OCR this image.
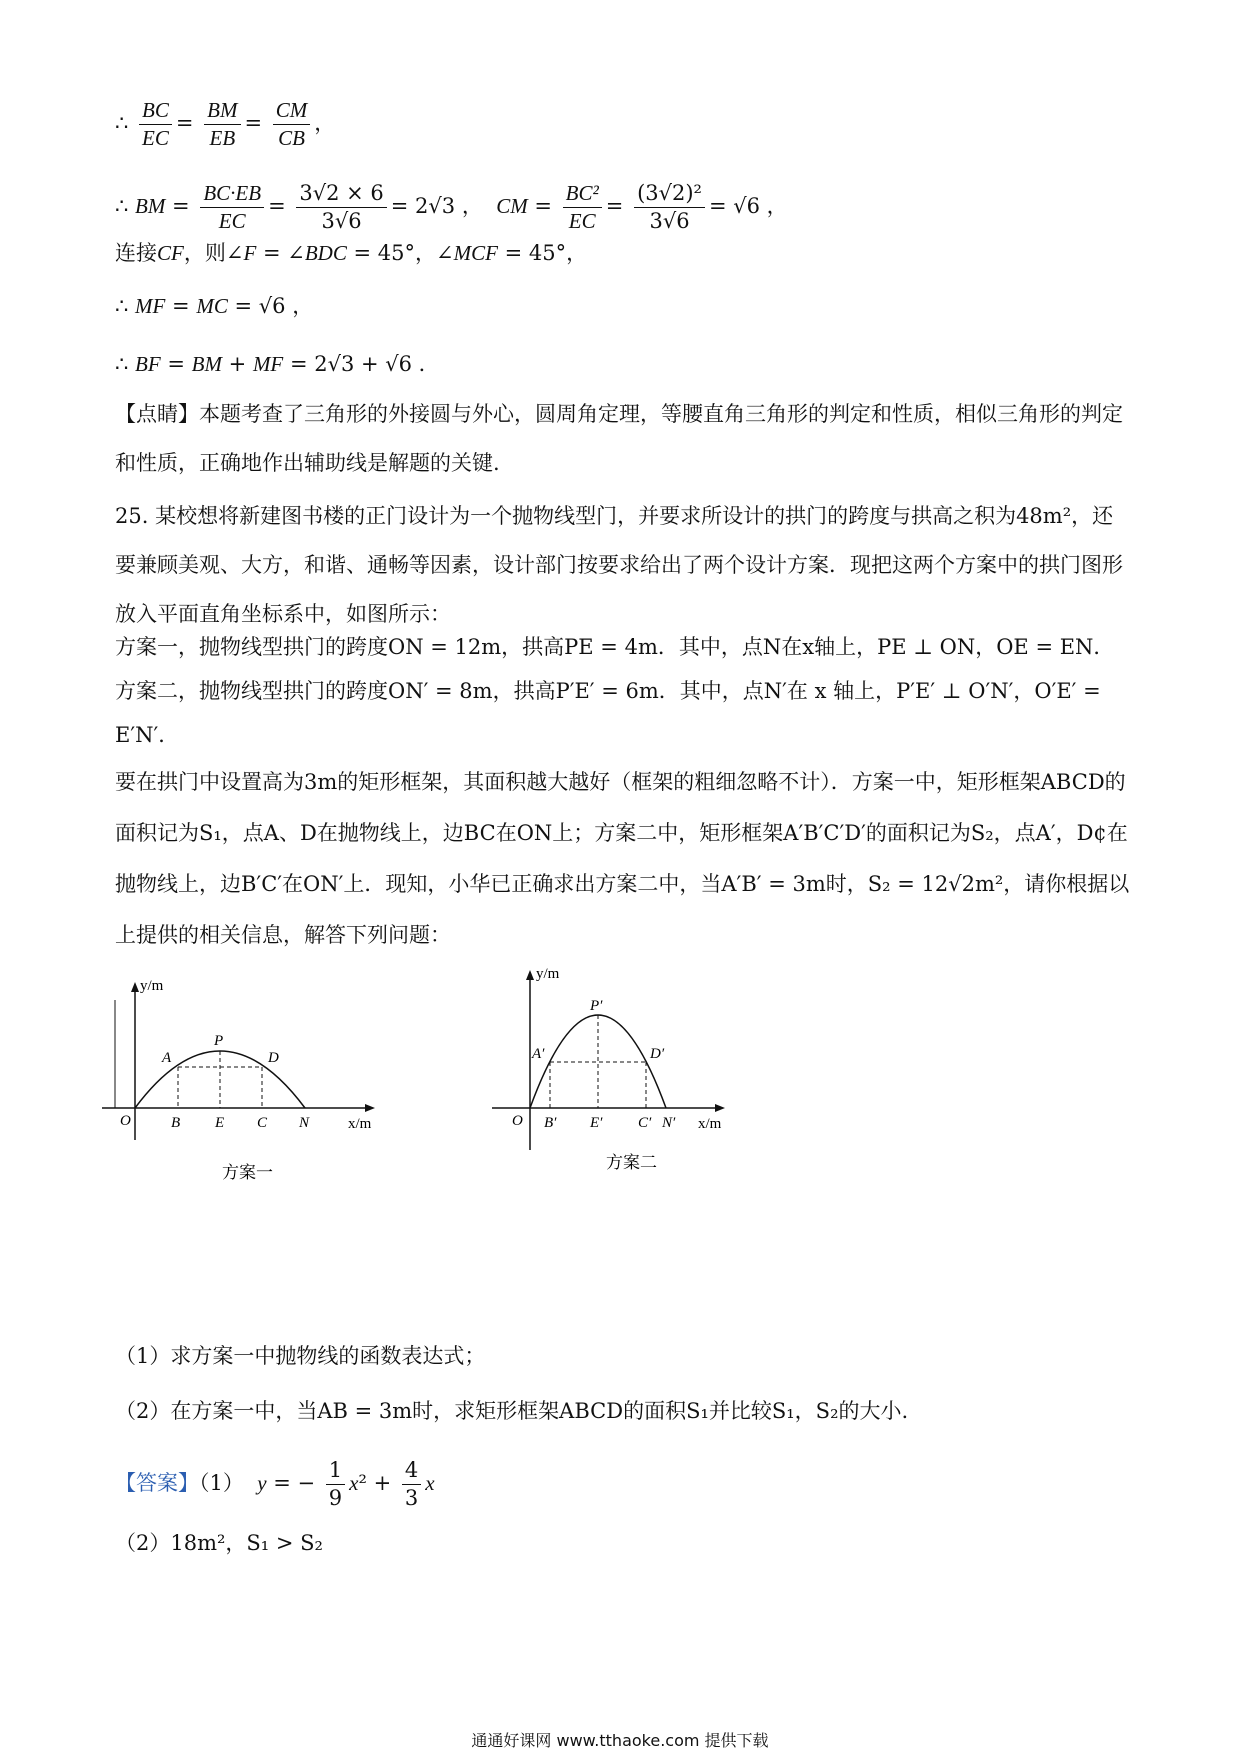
∴ $\frac{BC}{EC} = \frac{BM}{EB} = \frac{CM}{CB}$ ，
∴ BM = $\frac{BC\cdot EB}{EC} = \frac{3√2 \times 6}{3√6} = 2√3$ ，  CM = $\frac{\text{BC²}}{EC} = \frac{\text{(3√2)²}}{3√6} = √6$ ，
连接CF，则∠F = ∠BDC = 45°，∠MCF = 45°，
∴ MF = MC = √6 ，
∴ BF = BM + MF = 2√3 + √6 ．
【点睛】本题考查了三角形的外接圆与外心，圆周角定理，等腰直角三角形的判定和性质，相似三角形的判定和性质，正确地作出辅助线是解题的关键.
25. 某校想将新建图书楼的正门设计为一个抛物线型门，并要求所设计的拱门的跨度与拱高之积为48m²，还要兼顾美观、大方，和谐、通畅等因素，设计部门按要求给出了两个设计方案．现把这两个方案中的拱门图形放入平面直角坐标系中，如图所示：
方案一，抛物线型拱门的跨度ON = 12m，拱高PE = 4m．其中，点N在x轴上，PE ⊥ ON，OE = EN．
方案二，抛物线型拱门的跨度ON′ = 8m，拱高P′E′ = 6m．其中，点N′在 x 轴上，P′E′ ⊥ O′N′，O′E′ = E′N′．
要在拱门中设置高为3m的矩形框架，其面积越大越好（框架的粗细忽略不计）．方案一中，矩形框架ABCD的面积记为S₁，点A、D在抛物线上，边BC在ON上；方案二中，矩形框架A′B′C′D′的面积记为S₂，点A′，D¢在抛物线上，边B′C′在ON′上．现知，小华已正确求出方案二中，当A′B′ = 3m时，S₂ = 12√2m²，请你根据以上提供的相关信息，解答下列问题：
y/m
x/m
O
A
P
D
B E C N
方案一
y/m
x/m
O
P′
A′	D′
B′ E′ C′ N′
方案二
（1）求方案一中抛物线的函数表达式；
（2）在方案一中，当AB = 3m时，求矩形框架ABCD的面积S₁并比较S₁，S₂的大小.
【答案】（1）  y = − $\frac{1}{9} x^2 + \frac{4}{3}$ x
（2）18m²，S₁ > S₂
通通好课网 www.tthaoke.com 提供下载
